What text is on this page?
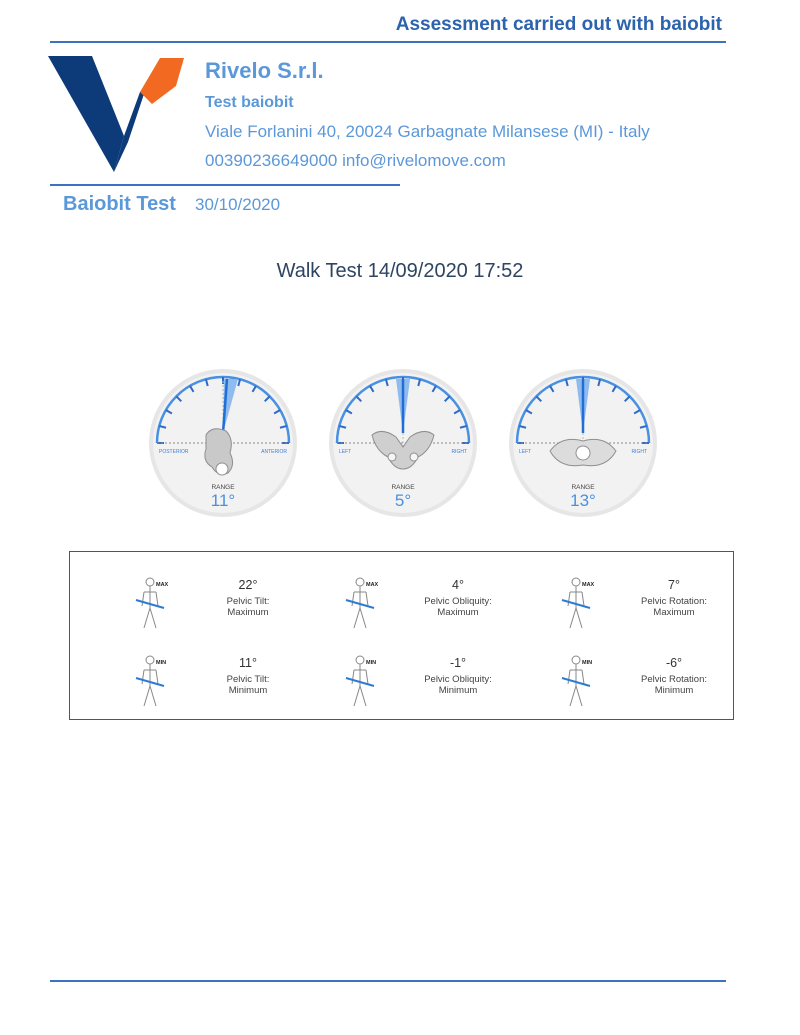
Assessment carried out with baiobit
Rivelo S.r.l.
Test baiobit
Viale Forlanini 40, 20024 Garbagnate Milansese (MI) - Italy
00390236649000 info@rivelomove.com
Baiobit Test 30/10/2020
Walk Test 14/09/2020 17:52
POSTERIOR	ANTERIOR
RANGE
11°
LEFT	RIGHT
RANGE
5°
LEFT	RIGHT
RANGE
13°
MAX	22°
Pelvic Tilt:
Maximum
MAX	4°
Pelvic Obliquity:
Maximum
MAX	7°
Pelvic Rotation:
Maximum
MIN	11°
Pelvic Tilt:
Minimum
MIN	-1°
Pelvic Obliquity:
Minimum
MIN	-6°
Pelvic Rotation:
Minimum
